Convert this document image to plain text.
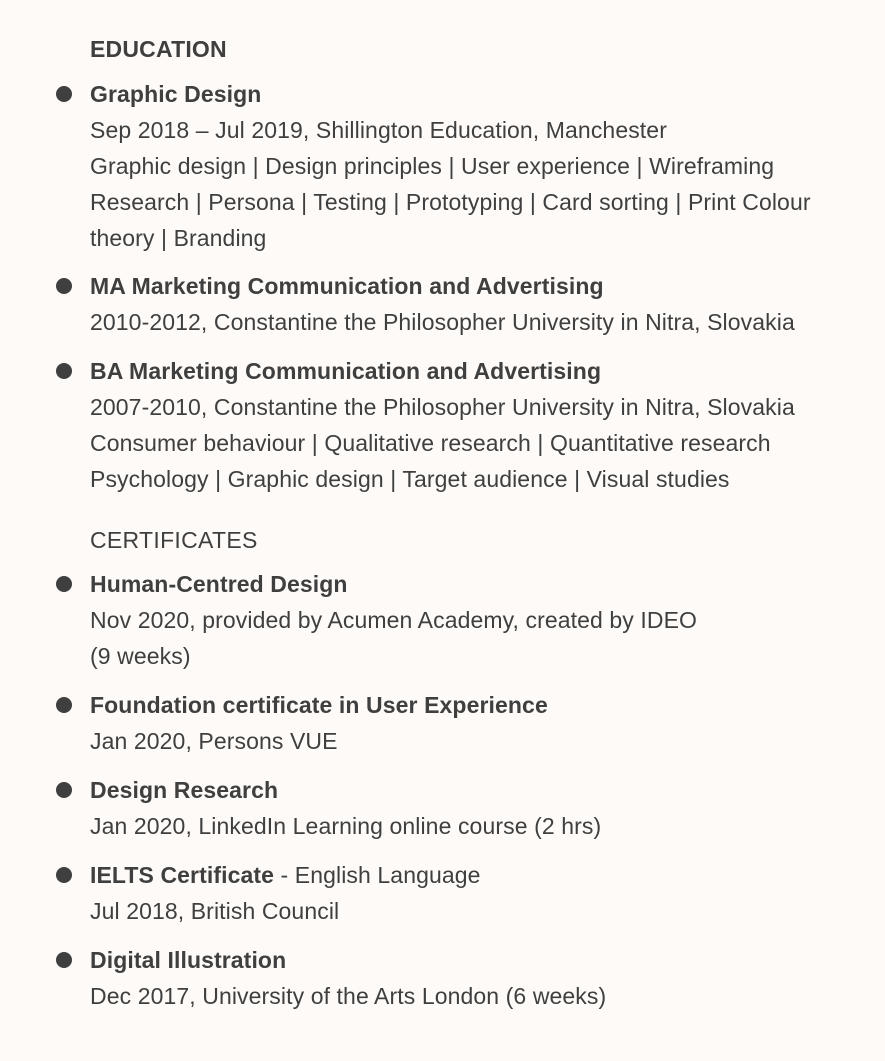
EDUCATION
Graphic Design
Sep 2018 – Jul 2019, Shillington Education, Manchester
Graphic design | Design principles | User experience | Wireframing
Research | Persona | Testing | Prototyping | Card sorting | Print Colour theory | Branding
MA Marketing Communication and Advertising
2010-2012, Constantine the Philosopher University in Nitra, Slovakia
BA Marketing Communication and Advertising
2007-2010, Constantine the Philosopher University in Nitra, Slovakia
Consumer behaviour | Qualitative research | Quantitative research
Psychology | Graphic design | Target audience | Visual studies
CERTIFICATES
Human-Centred Design
Nov 2020, provided by Acumen Academy, created by IDEO
(9 weeks)
Foundation certificate in User Experience
Jan 2020, Persons VUE
Design Research
Jan 2020, LinkedIn Learning online course (2 hrs)
IELTS Certificate - English Language
Jul 2018, British Council
Digital Illustration
Dec 2017, University of the Arts London (6 weeks)
